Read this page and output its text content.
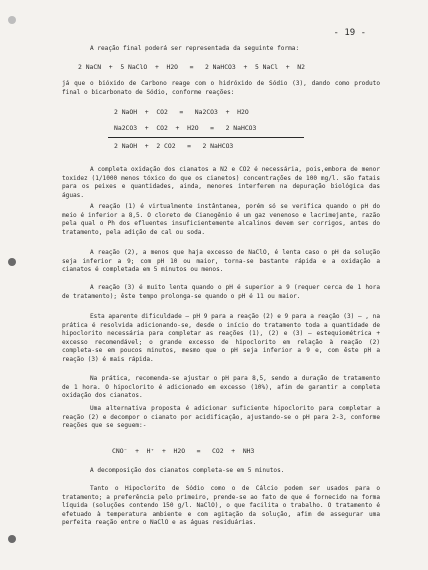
- 19 -
A reação final poderá ser representada da seguinte forma:
2 NaCN  +  5 NaClO  +  H2O   =   2 NaHCO3  +  5 NaCl  +  N2
já que o bióxido de Carbono reage com o hidróxido de Sódio (3), dando como produto final o bicarbonato de Sódio, conforme reações:
2 NaOH  +  CO2   =   Na2CO3  +  H2O
Na2CO3  +  CO2  +  H2O   =   2 NaHCO3
2 NaOH  +  2 CO2   =   2 NaHCO3
A completa oxidação dos cianatos a N2 e CO2 é necessária, pois,embora de menor toxidez (1/1000 menos tóxico do que os cianetos) concentrações de 100 mg/l. são fatais para os peixes e quantidades, ainda, menores interferem na depuração biológica das águas.
A reação (1) é virtualmente instântanea, porém só se verifica quando o pH do meio é inferior a 8,5. O cloreto de Cianogênio é um gaz venenoso e lacrimejante, razão pela qual o Ph dos efluentes insuficientemente alcalinos devem ser corrigos, antes do tratamento, pela adição de cal ou soda.
A reação (2), a menos que haja excesso de NaClO, é lenta caso o pH da solução seja inferior a 9; com pH 10 ou maior, torna-se bastante rápida e a oxidação a cianatos é completada em 5 minutos ou menos.
A reação (3) é muito lenta quando o pH é superior a 9 (requer cerca de 1 hora de tratamento); êste tempo prolonga-se quando o pH é 11 ou maior.
Esta aparente dificuldade — pH 9 para a reação (2) e 9 para a reação (3) — , na prática é resolvida adicionando-se, desde o início do tratamento toda a quantidade de hipoclorito necessária para completar as reações (1), (2) e (3) — estequiométrica + excesso recomendável; o grande excesso de hipoclorito em relação à reação (2) completa-se em poucos minutos, mesmo que o pH seja inferior a 9 e, com êste pH a reação (3) é mais rápida.
Na prática, recomenda-se ajustar o pH para 8,5, sendo a duração de tratamento de 1 hora. O hipoclorito é adicionado em excesso (10%), afim de garantir a completa oxidação dos cianatos.
Uma alternativa proposta é adicionar suficiente hipoclorito para completar a reação (2) e decompor o cianato por acidificação, ajustando-se o pH para 2-3, conforme reações que se seguem:-
CNO⁻  +  H⁺  +  H2O   =   CO2  +  NH3
A decomposição dos cianatos completa-se em 5 minutos.
Tanto o Hipoclorito de Sódio como o de Cálcio podem ser usados para o tratamento; a preferência pelo primeiro, prende-se ao fato de que é fornecido na forma líquida (soluções contendo 150 g/l. NaClO), o que facilita o trabalho. O tratamento é efetuado à temperatura ambiente e com agitação da solução, afim de assegurar uma perfeita reação entre o NaClO e as águas residuárias.
